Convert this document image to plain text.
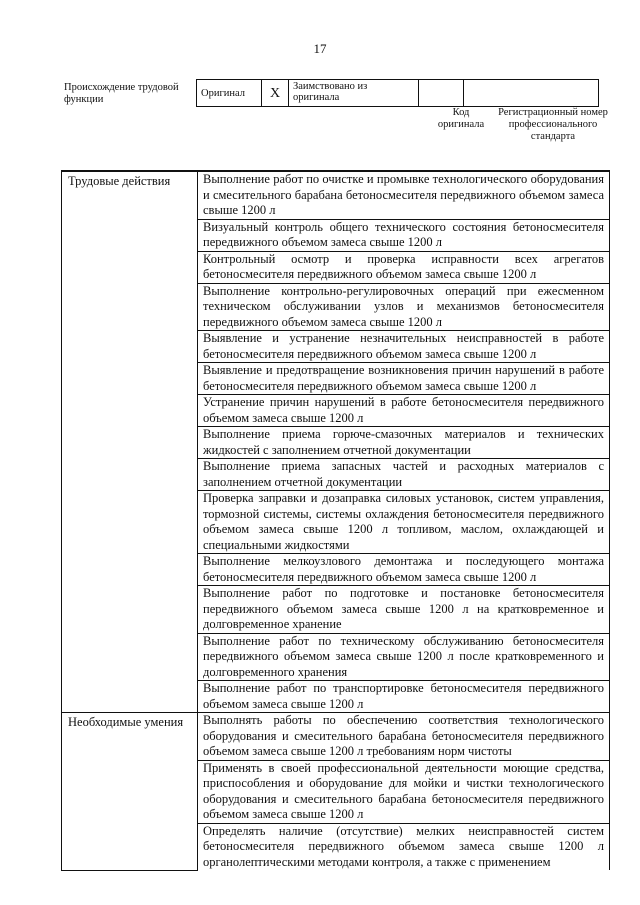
17
Происхождение трудовой функции
Оригинал	X	Заимствовано из оригинала		
Код оригинала
Регистрационный номер профессионального стандарта
Трудовые действия	Выполнение работ по очистке и промывке технологического оборудования и смесительного барабана бетоносмесителя передвижного объемом замеса свыше 1200 л
	Визуальный контроль общего технического состояния бетоносмесителя передвижного объемом замеса свыше 1200 л
	Контрольный осмотр и проверка исправности всех агрегатов бетоносмесителя передвижного объемом замеса свыше 1200 л
	Выполнение контрольно-регулировочных операций при ежесменном техническом обслуживании узлов и механизмов бетоносмесителя передвижного объемом замеса свыше 1200 л
	Выявление и устранение незначительных неисправностей в работе бетоносмесителя передвижного объемом замеса свыше 1200 л
	Выявление и предотвращение возникновения причин нарушений в работе бетоносмесителя передвижного объемом замеса свыше 1200 л
	Устранение причин нарушений в работе бетоносмесителя передвижного объемом замеса свыше 1200 л
	Выполнение приема горюче-смазочных материалов и технических жидкостей с заполнением отчетной документации
	Выполнение приема запасных частей и расходных материалов с заполнением отчетной документации
	Проверка заправки и дозаправка силовых установок, систем управления, тормозной системы, системы охлаждения бетоносмесителя передвижного объемом замеса свыше 1200 л топливом, маслом, охлаждающей и специальными жидкостями
	Выполнение мелкоузлового демонтажа и последующего монтажа бетоносмесителя передвижного объемом замеса свыше 1200 л
	Выполнение работ по подготовке и постановке бетоносмесителя передвижного объемом замеса свыше 1200 л на кратковременное и долговременное хранение
	Выполнение работ по техническому обслуживанию бетоносмесителя передвижного объемом замеса свыше 1200 л после кратковременного и долговременного хранения
	Выполнение работ по транспортировке бетоносмесителя передвижного объемом замеса свыше 1200 л
Необходимые умения	Выполнять работы по обеспечению соответствия технологического оборудования и смесительного барабана бетоносмесителя передвижного объемом замеса свыше 1200 л требованиям норм чистоты
	Применять в своей профессиональной деятельности моющие средства, приспособления и оборудование для мойки и чистки технологического оборудования и смесительного барабана бетоносмесителя передвижного объемом замеса свыше 1200 л
	Определять наличие (отсутствие) мелких неисправностей систем бетоносмесителя передвижного объемом замеса свыше 1200 л органолептическими методами контроля, а также с применением
